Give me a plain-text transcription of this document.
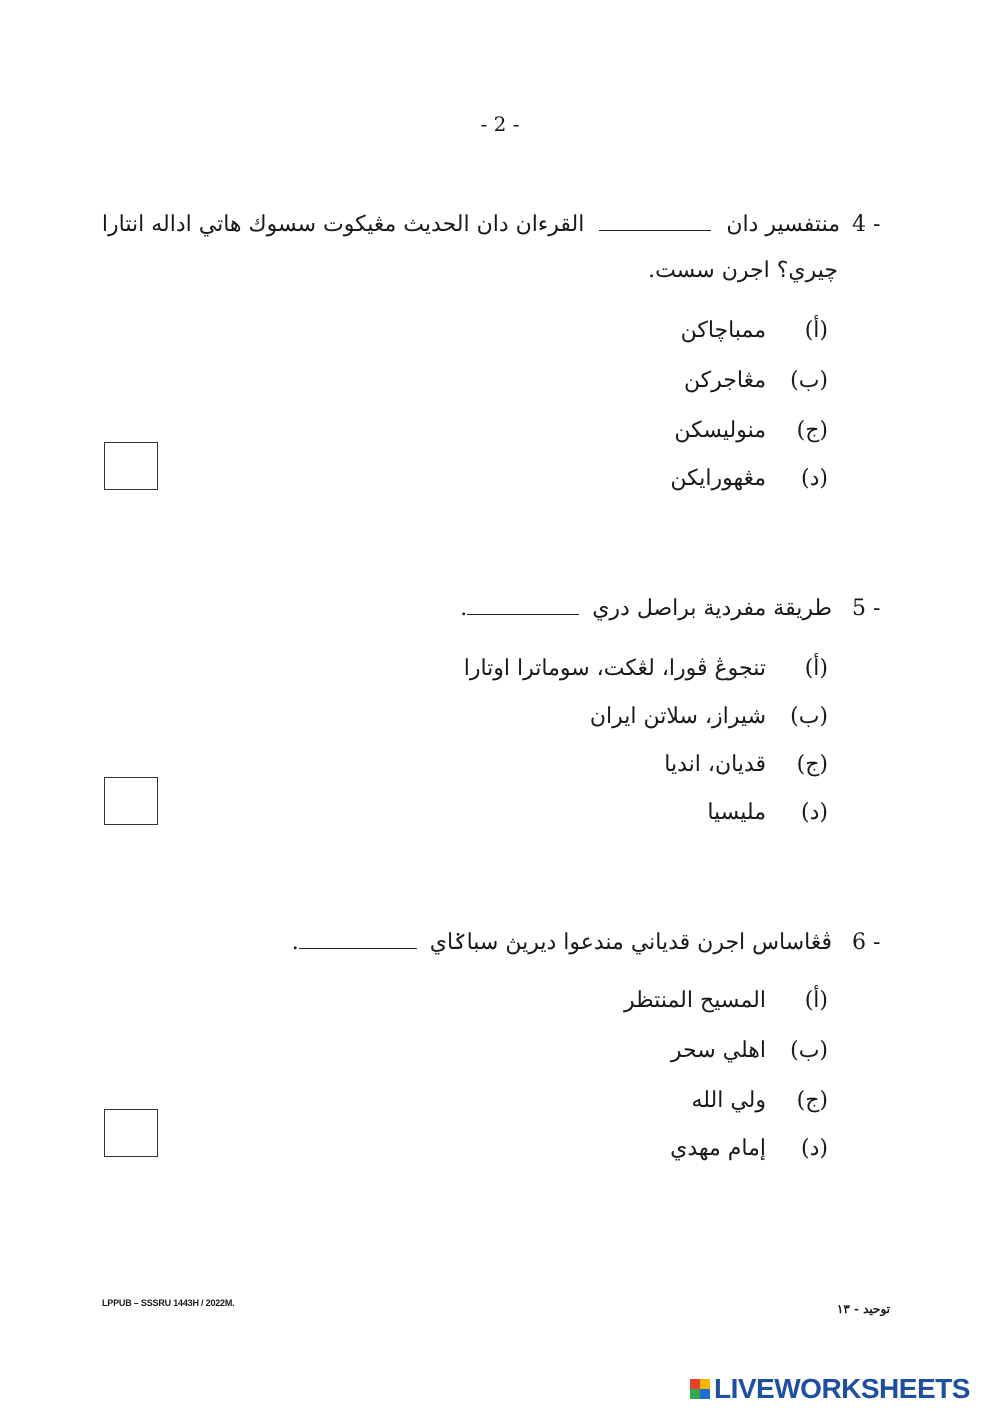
- 2 -
4 -
منتفسير دان  القرءان دان الحديث مڠيكوت سسوك هاتي اداله انتارا
چيري؟ اجرن سست.
(أ)ممباچاكن
(ب)مڠاجركن
(ج)منوليسكن
(د)مڠهورايكن
5 -
طريقة مفردية براصل دري .
(أ)تنجوڠ ڤورا، لڠكت، سوماترا اوتارا
(ب)شيراز، سلاتن ايران
(ج)قديان، انديا
(د)مليسيا
6 -
ڤڠاساس اجرن قدياني مندعوا ديريڽ سباݢاي .
(أ)المسيح المنتظر
(ب)اهلي سحر
(ج)ولي الله
(د)إمام مهدي
LPPUB – SSSRU 1443H / 2022M.	توحيد - ١٣
LIVEWORKSHEETS
